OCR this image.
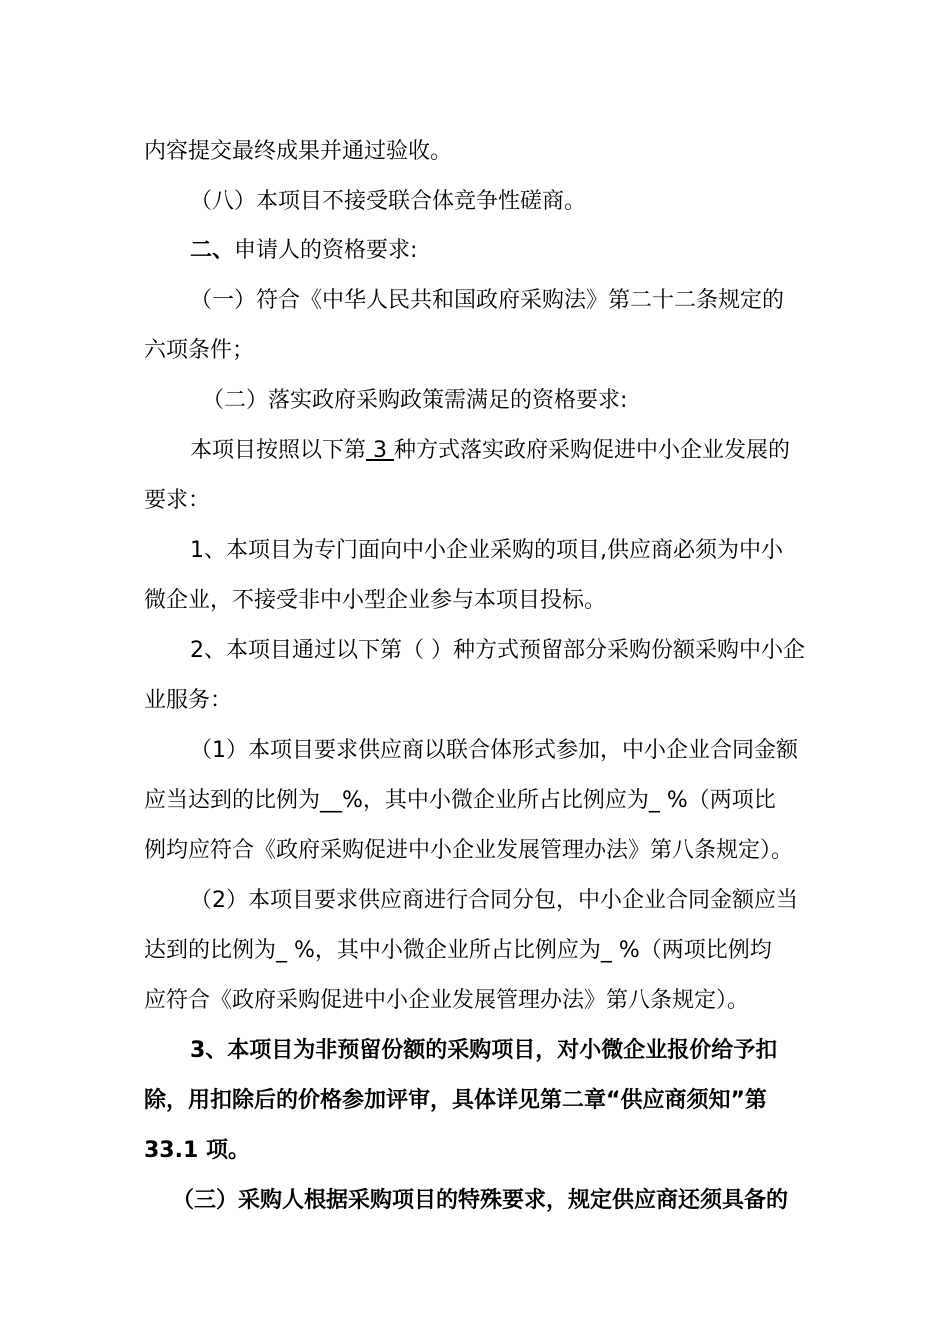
内容提交最终成果并通过验收。
（八）本项目不接受联合体竞争性磋商。
二、申请人的资格要求:
（一）符合《中华人民共和国政府采购法》第二十二条规定的
六项条件；
（二）落实政府采购政策需满足的资格要求:
本项目按照以下第 3 种方式落实政府采购促进中小企业发展的
要求：
1、本项目为专门面向中小企业采购的项目,供应商必须为中小
微企业，不接受非中小型企业参与本项目投标。
2、本项目通过以下第（ ）种方式预留部分采购份额采购中小企
业服务：
（1）本项目要求供应商以联合体形式参加，中小企业合同金额
应当达到的比例为__%，其中小微企业所占比例应为_ %（两项比
例均应符合《政府采购促进中小企业发展管理办法》第八条规定）。
（2）本项目要求供应商进行合同分包，中小企业合同金额应当
达到的比例为_ %，其中小微企业所占比例应为_ %（两项比例均
应符合《政府采购促进中小企业发展管理办法》第八条规定）。
3、本项目为非预留份额的采购项目，对小微企业报价给予扣
除，用扣除后的价格参加评审，具体详见第二章“供应商须知”第
33.1 项。
（三）采购人根据采购项目的特殊要求，规定供应商还须具备的
